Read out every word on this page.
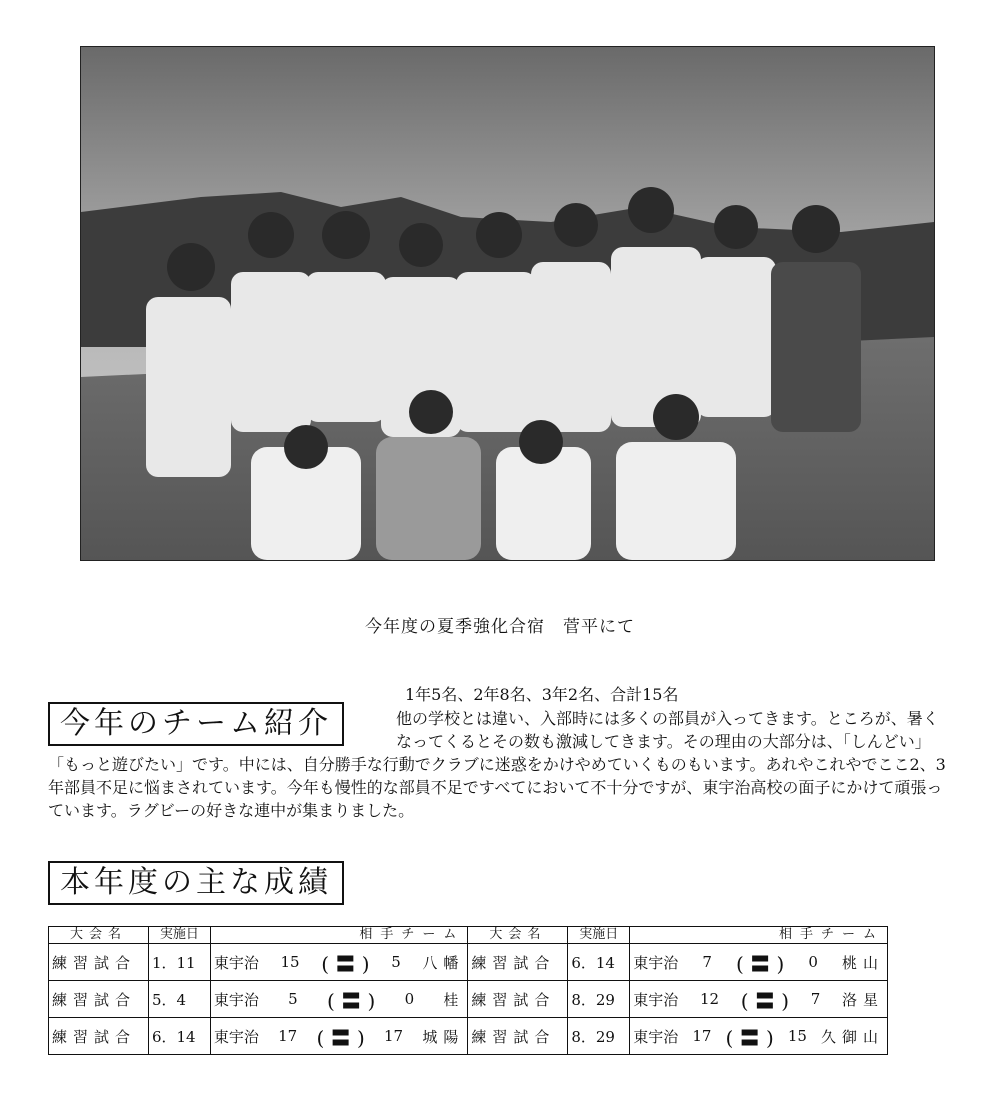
今年度の夏季強化合宿　菅平にて
今年のチーム紹介
1年5名、2年8名、3年2名、合計15名
他の学校とは違い、入部時には多くの部員が入ってきます。ところが、暑くなってくるとその数も激減してきます。その理由の大部分は、「しんどい」「もっと遊びたい」です。中には、自分勝手な行動でクラブに迷惑をかけやめていくものもいます。あれやこれやでここ2、3年部員不足に悩まされています。今年も慢性的な部員不足ですべてにおいて不十分ですが、東宇治高校の面子にかけて頑張っています。ラグビーの好きな連中が集まりました。
本年度の主な成績
大会名	実施日	相手チーム	大会名	実施日	相手チーム
練習試合	1．11	東宇治 15 ( 〓 ) 5 八幡	練習試合	6．14	東宇治 7 ( 〓 ) 0 桃山

練習試合	5．4	東宇治 5 ( 〓 ) 0 桂	練習試合	8．29	東宇治 12 ( 〓 ) 7 洛星

練習試合	6．14	東宇治 17 ( 〓 ) 17 城陽	練習試合	8．29	東宇治 17 ( 〓 ) 15 久御山
